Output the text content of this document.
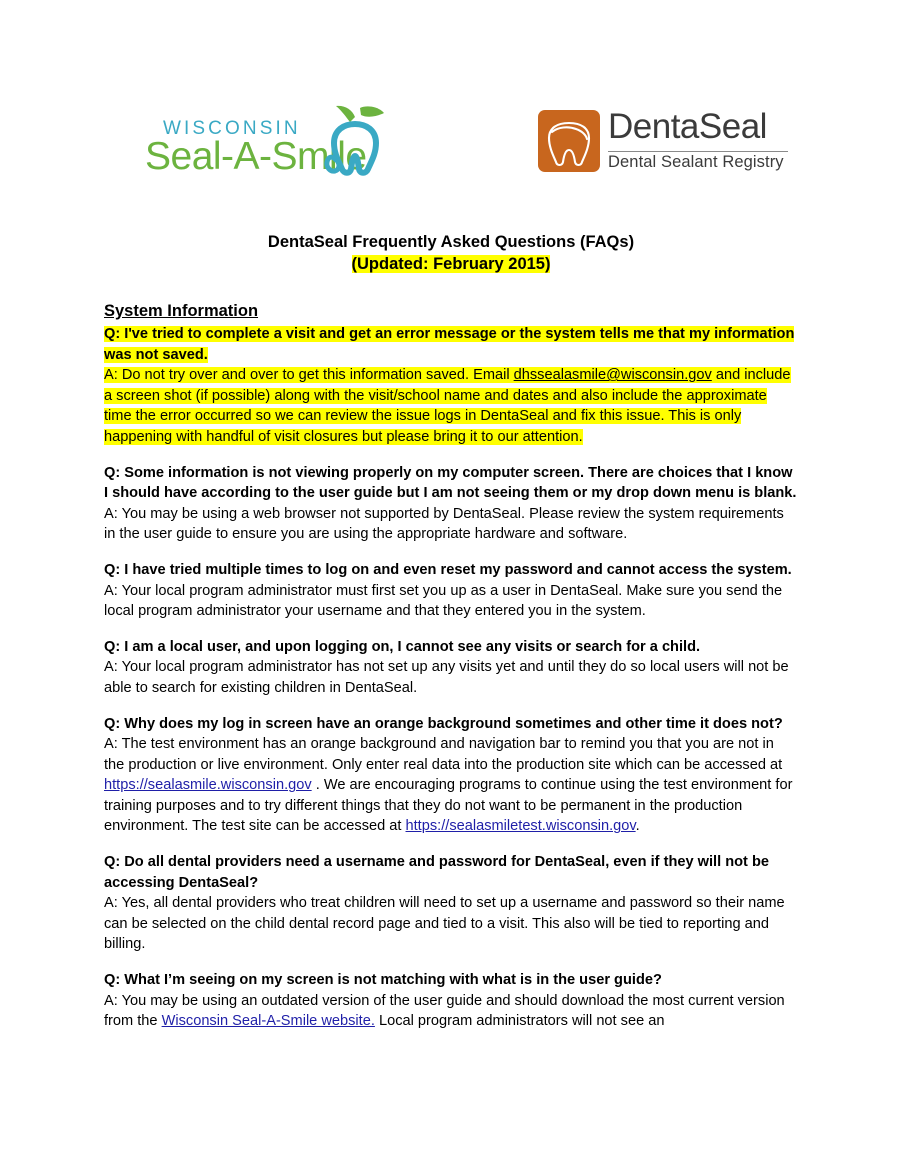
WISCONSIN
Seal-A-Smile
DentaSeal
Dental Sealant Registry
DentaSeal Frequently Asked Questions (FAQs)
(Updated: February 2015)
System Information
Q: I've tried to complete a visit and get an error message or the system tells me that my information was not saved.
A: Do not try over and over to get this information saved. Email dhssealasmile@wisconsin.gov and include a screen shot (if possible) along with the visit/school name and dates and also include the approximate time the error occurred so we can review the issue logs in DentaSeal and fix this issue. This is only happening with handful of visit closures but please bring it to our attention.
Q: Some information is not viewing properly on my computer screen. There are choices that I know I should have according to the user guide but I am not seeing them or my drop down menu is blank.
A: You may be using a web browser not supported by DentaSeal. Please review the system requirements in the user guide to ensure you are using the appropriate hardware and software.
Q: I have tried multiple times to log on and even reset my password and cannot access the system.
A: Your local program administrator must first set you up as a user in DentaSeal. Make sure you send the local program administrator your username and that they entered you in the system.
Q: I am a local user, and upon logging on, I cannot see any visits or search for a child.
A: Your local program administrator has not set up any visits yet and until they do so local users will not be able to search for existing children in DentaSeal.
Q: Why does my log in screen have an orange background sometimes and other time it does not?
A: The test environment has an orange background and navigation bar to remind you that you are not in the production or live environment. Only enter real data into the production site which can be accessed at https://sealasmile.wisconsin.gov . We are encouraging programs to continue using the test environment for training purposes and to try different things that they do not want to be permanent in the production environment. The test site can be accessed at https://sealasmiletest.wisconsin.gov.
Q: Do all dental providers need a username and password for DentaSeal, even if they will not be accessing DentaSeal?
A: Yes, all dental providers who treat children will need to set up a username and password so their name can be selected on the child dental record page and tied to a visit. This also will be tied to reporting and billing.
Q: What I’m seeing on my screen is not matching with what is in the user guide?
A: You may be using an outdated version of the user guide and should download the most current version from the Wisconsin Seal-A-Smile website. Local program administrators will not see an
